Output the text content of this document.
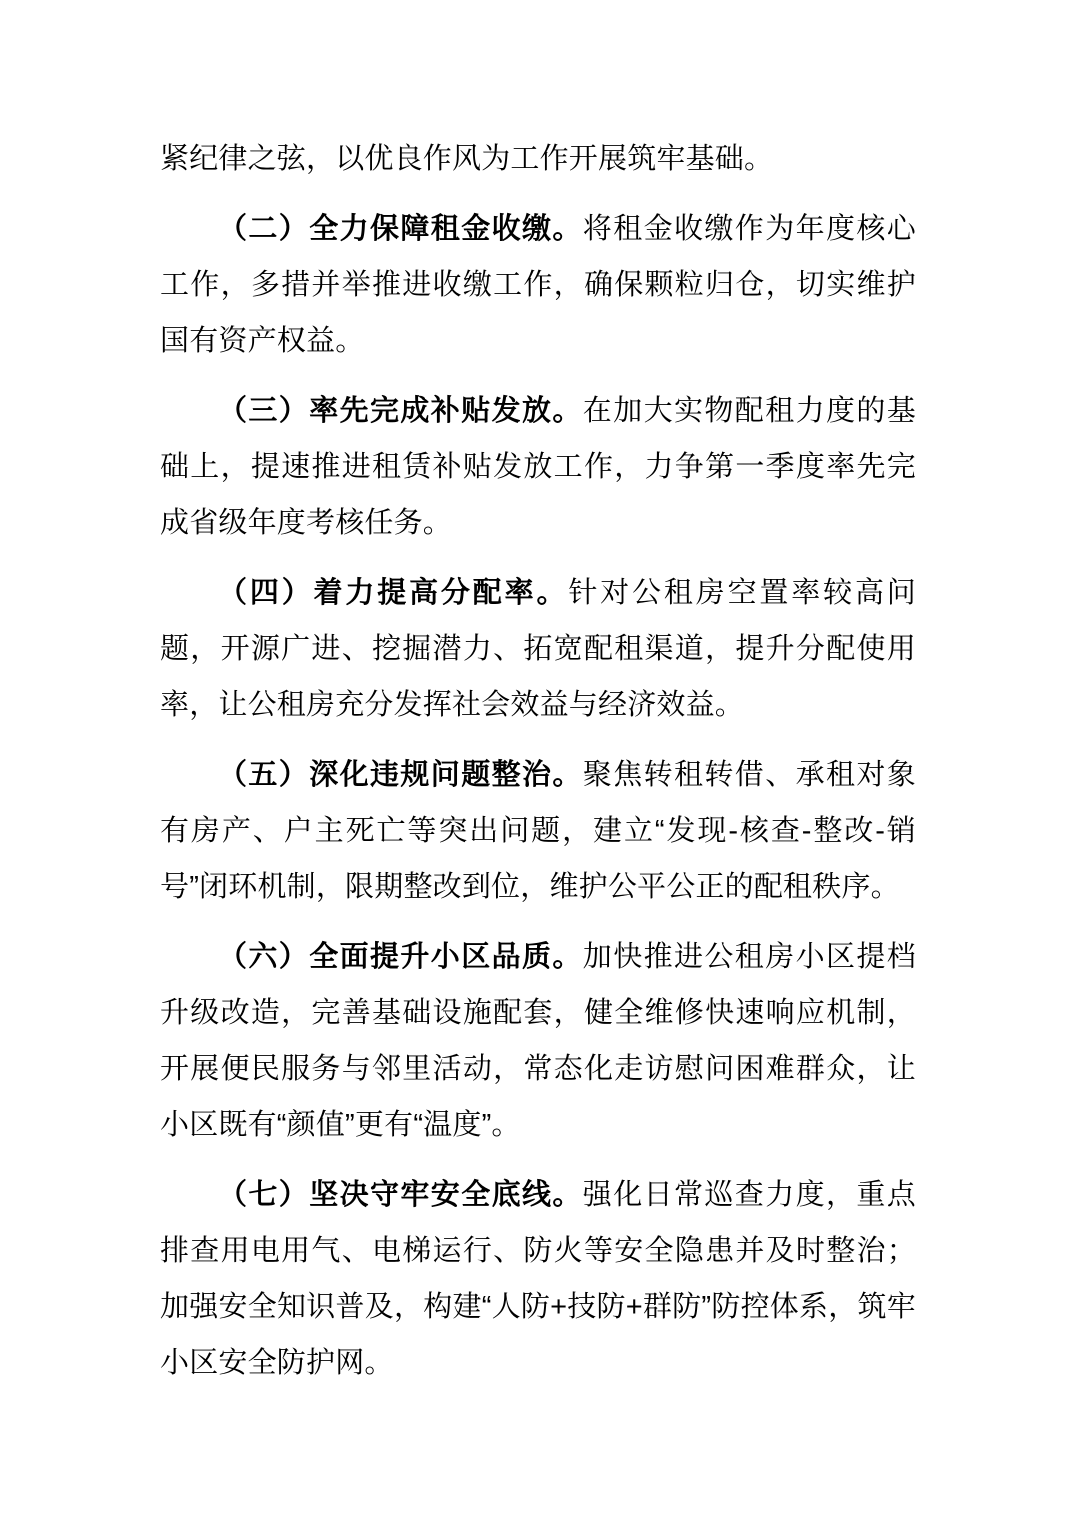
紧纪律之弦，以优良作风为工作开展筑牢基础。

（二）全力保障租金收缴。将租金收缴作为年度核心工作，多措并举推进收缴工作，确保颗粒归仓，切实维护国有资产权益。

（三）率先完成补贴发放。在加大实物配租力度的基础上，提速推进租赁补贴发放工作，力争第一季度率先完成省级年度考核任务。

（四）着力提高分配率。针对公租房空置率较高问题，开源广进、挖掘潜力、拓宽配租渠道，提升分配使用率，让公租房充分发挥社会效益与经济效益。

（五）深化违规问题整治。聚焦转租转借、承租对象有房产、户主死亡等突出问题，建立“发现-核查-整改-销号”闭环机制，限期整改到位，维护公平公正的配租秩序。

（六）全面提升小区品质。加快推进公租房小区提档升级改造，完善基础设施配套，健全维修快速响应机制，开展便民服务与邻里活动，常态化走访慰问困难群众，让小区既有“颜值”更有“温度”。

（七）坚决守牢安全底线。强化日常巡查力度，重点排查用电用气、电梯运行、防火等安全隐患并及时整治；加强安全知识普及，构建“人防+技防+群防”防控体系，筑牢小区安全防护网。
